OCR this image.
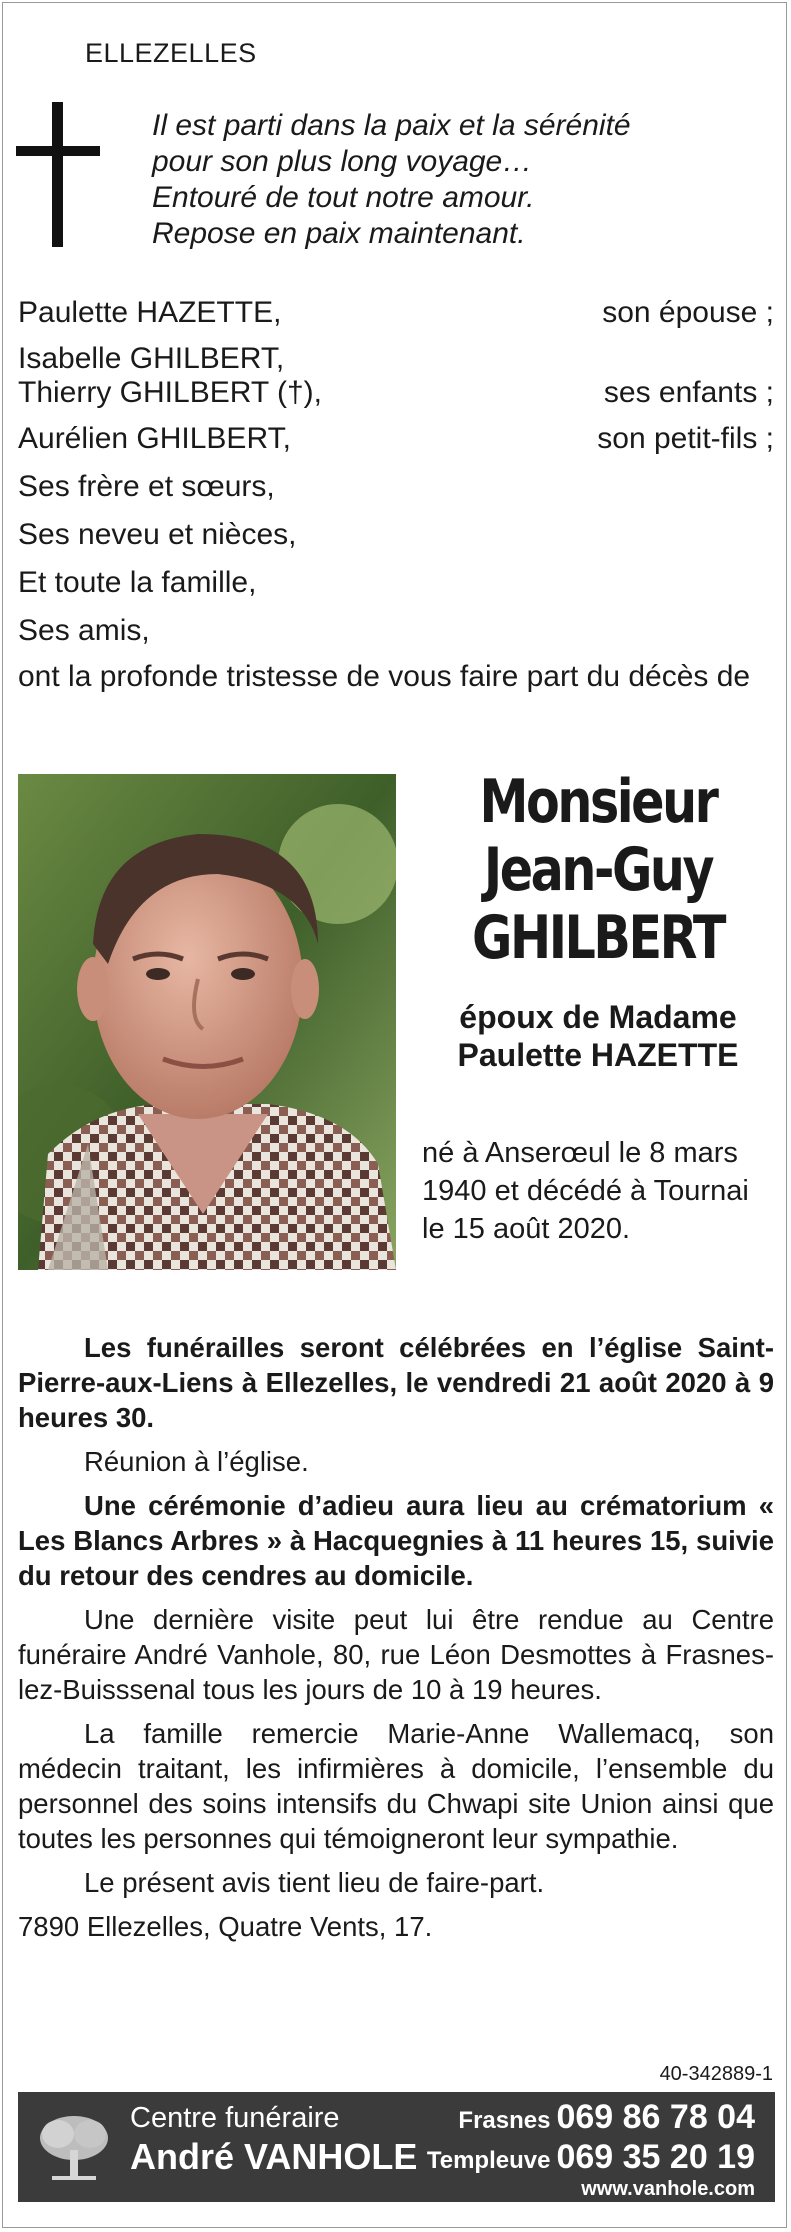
ELLEZELLES
Il est parti dans la paix et la sérénité
pour son plus long voyage…
Entouré de tout notre amour.
Repose en paix maintenant.
Paulette HAZETTE,	son épouse ;
Isabelle GHILBERT,
Thierry GHILBERT (†),	ses enfants ;
Aurélien GHILBERT,	son petit-fils ;
Ses frère et sœurs,
Ses neveu et nièces,
Et toute la famille,
Ses amis,
ont la profonde tristesse de vous faire part du décès de
Monsieur
Jean-Guy
GHILBERT
époux de Madame
Paulette HAZETTE
né à Anserœul le 8 mars 1940 et décédé à Tournai le 15 août 2020.

Les funérailles seront célébrées en l’église Saint-Pierre-aux-Liens à Ellezelles, le vendredi 21 août 2020 à 9 heures 30.

Réunion à l’église.

Une cérémonie d’adieu aura lieu au crématorium « Les Blancs Arbres » à Hacquegnies à 11 heures 15, suivie du retour des cendres au domicile.

Une dernière visite peut lui être rendue au Centre funéraire André Vanhole, 80, rue Léon Desmottes à Frasnes-lez-Buisssenal tous les jours de 10 à 19 heures.

La famille remercie Marie-Anne Wallemacq, son médecin traitant, les infirmières à domicile, l’ensemble du personnel des soins intensifs du Chwapi site Union ainsi que toutes les personnes qui témoigneront leur sympathie.

Le présent avis tient lieu de faire-part.

7890 Ellezelles, Quatre Vents, 17.

40-342889-1
Centre funéraire
André VANHOLE
Frasnes 069 86 78 04
Templeuve 069 35 20 19
www.vanhole.com
